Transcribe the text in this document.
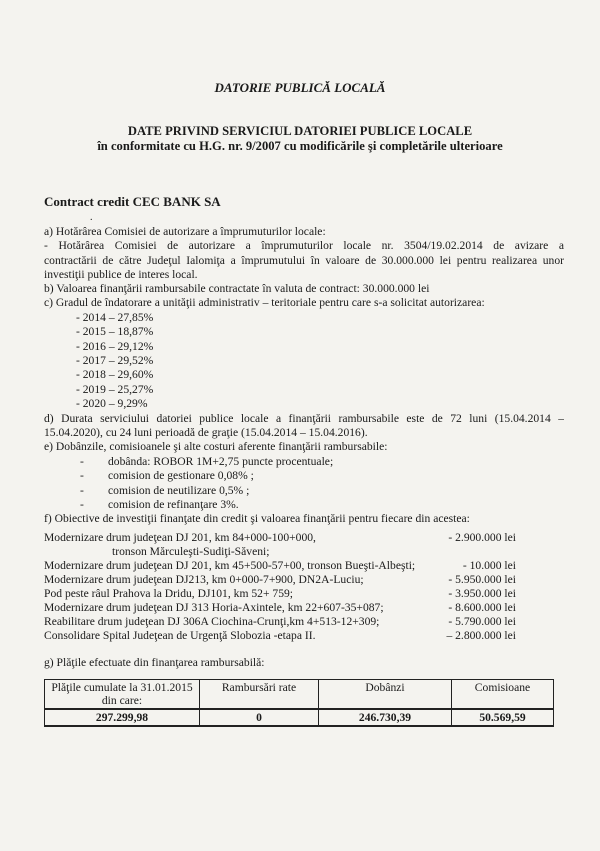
DATORIE PUBLICĂ LOCALĂ
DATE PRIVIND SERVICIUL DATORIEI PUBLICE LOCALE
în conformitate cu H.G. nr. 9/2007 cu modificările şi completările ulterioare
Contract credit CEC BANK SA
.
a) Hotărârea Comisiei de autorizare a împrumuturilor locale:
- Hotărârea Comisiei de autorizare a împrumuturilor locale nr. 3504/19.02.2014 de avizare a
contractării de către Judeţul Ialomiţa a împrumutului în valoare de 30.000.000 lei pentru realizarea unor
investiţii publice de interes local.
b) Valoarea finanţării rambursabile contractate în valuta de contract: 30.000.000 lei
c) Gradul de îndatorare a unităţii administrativ – teritoriale pentru care s-a solicitat autorizarea:
- 2014 – 27,85%
- 2015 – 18,87%
- 2016 – 29,12%
- 2017 – 29,52%
- 2018 – 29,60%
- 2019 – 25,27%
- 2020 – 9,29%
d) Durata serviciului datoriei publice locale a finanţării rambursabile este de 72 luni (15.04.2014 –
15.04.2020), cu 24 luni perioadă de graţie (15.04.2014 – 15.04.2016).
e) Dobânzile, comisioanele şi alte costuri aferente finanţării rambursabile:
-	dobânda: ROBOR 1M+2,75 puncte procentuale;
-	comision de gestionare 0,08% ;
-	comision de neutilizare 0,5% ;
-	comision de refinanţare 3%.
f) Obiective de investiţii finanţate din credit şi valoarea finanţării pentru fiecare din acestea:
Modernizare drum judeţean DJ 201, km 84+000-100+000,	- 2.900.000 lei
tronson Mărculeşti-Sudiţi-Săveni;
Modernizare drum judeţean DJ 201, km 45+500-57+00, tronson Bueşti-Albeşti;	- 10.000 lei
Modernizare drum judeţean DJ213, km 0+000-7+900, DN2A-Luciu;	- 5.950.000 lei
Pod peste râul Prahova la Dridu, DJ101, km 52+ 759;	- 3.950.000 lei
Modernizare drum judeţean DJ 313 Horia-Axintele, km 22+607-35+087;	- 8.600.000 lei
Reabilitare drum judeţean DJ 306A Ciochina-Crunţi,km 4+513-12+309;	- 5.790.000 lei
Consolidare Spital Judeţean de Urgenţă Slobozia -etapa II.	– 2.800.000 lei
g) Plăţile efectuate din finanţarea rambursabilă:
Plăţile cumulate la 31.01.2015
din care:	Rambursări rate	Dobânzi	Comisioane
297.299,98	0	246.730,39	50.569,59
